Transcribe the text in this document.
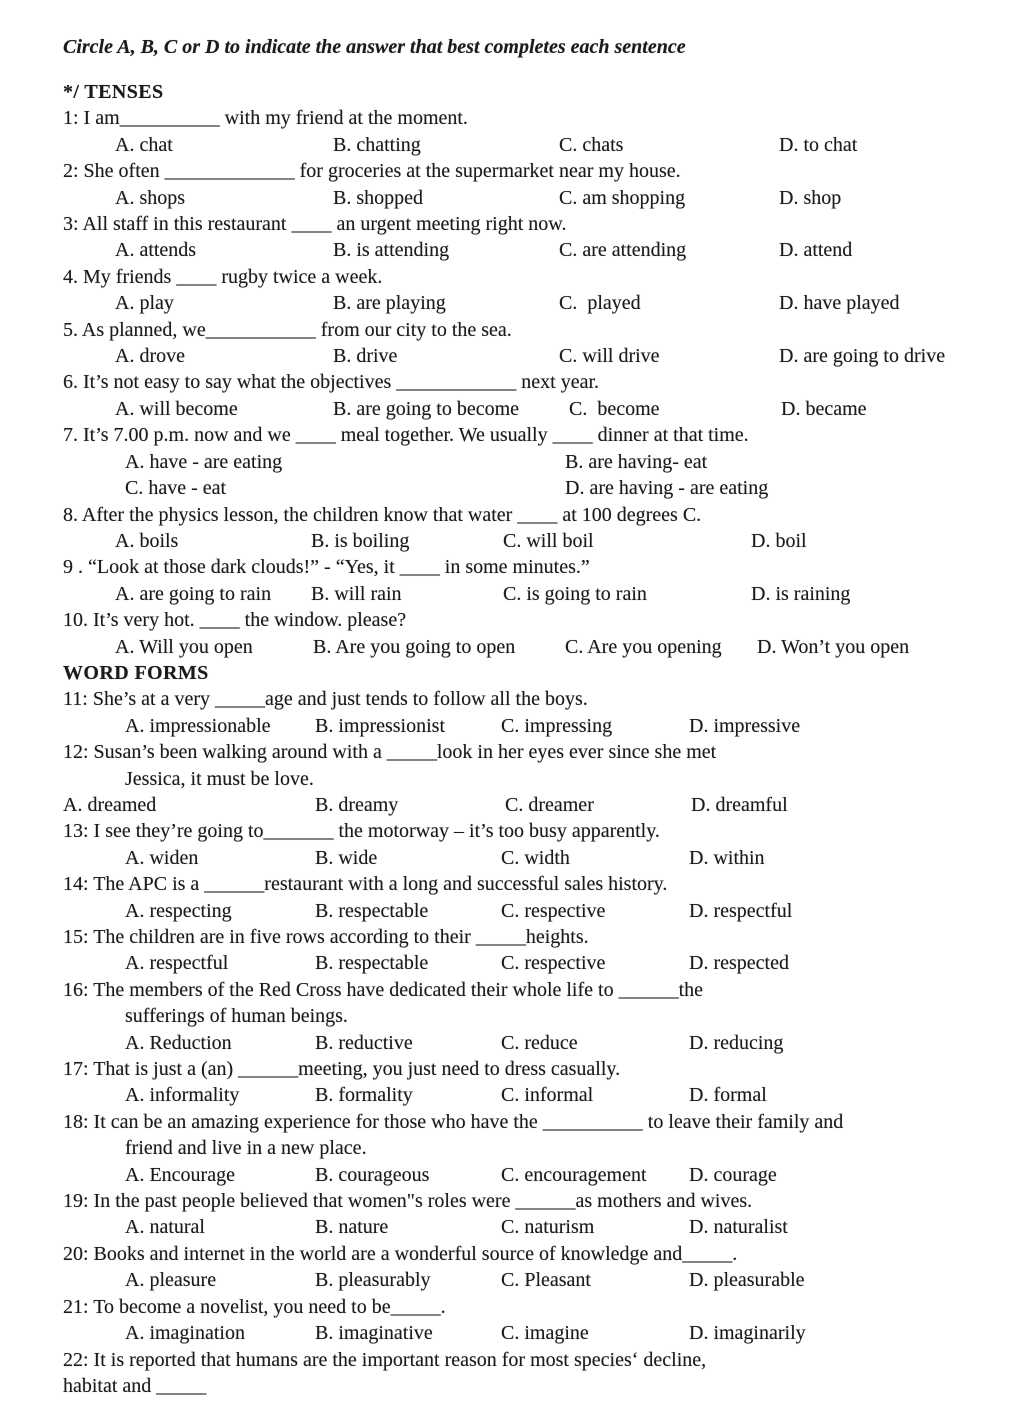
Circle A, B, C or D to indicate the answer that best completes each sentence
*/ TENSES
1: I am__________ with my friend at the moment.
A. chat	B. chatting	C. chats	D. to chat
2: She often _____________ for groceries at the supermarket near my house.
A. shops	B. shopped	C. am shopping	D. shop
3: All staff in this restaurant ____ an urgent meeting right now.
A. attends	B. is attending	C. are attending	D. attend
4. My friends ____ rugby twice a week.
A. play	B. are playing	C.  played	D. have played
5. As planned, we___________ from our city to the sea.
A. drove	B. drive	C. will drive	D. are going to drive
6. It’s not easy to say what the objectives ____________ next year.
A. will become	B. are going to become	C.  become	D. became
7. It’s 7.00 p.m. now and we ____ meal together. We usually ____ dinner at that time.
A. have - are eating	B. are having- eat
C. have - eat	D. are having - are eating
8. After the physics lesson, the children know that water ____ at 100 degrees C.
A. boils	B. is boiling	C. will boil	D. boil
9 . “Look at those dark clouds!” - “Yes, it ____ in some minutes.”
A. are going to rain	B. will rain	C. is going to rain	D. is raining
10. It’s very hot. ____ the window. please?
A. Will you open	B. Are you going to open	C. Are you opening	D. Won’t you open
WORD FORMS
11: She’s at a very _____age and just tends to follow all the boys.
A. impressionable	B. impressionist	C. impressing	D. impressive
12: Susan’s been walking around with a _____look in her eyes ever since she met
Jessica, it must be love.
A. dreamed	B. dreamy	C. dreamer	D. dreamful
13: I see they’re going to_______ the motorway – it’s too busy apparently.
A. widen	B. wide	C. width	D. within
14: The APC is a ______restaurant with a long and successful sales history.
A. respecting	B. respectable	C. respective	D. respectful
15: The children are in five rows according to their _____heights.
A. respectful	B. respectable	C. respective	D. respected
16: The members of the Red Cross have dedicated their whole life to ______the
sufferings of human beings.
A. Reduction	B. reductive	C. reduce	D. reducing
17: That is just a (an) ______meeting, you just need to dress casually.
A. informality	B. formality	C. informal	D. formal
18: It can be an amazing experience for those who have the __________ to leave their family and
friend and live in a new place.
A. Encourage	B. courageous	C. encouragement	D. courage
19: In the past people believed that women"s roles were ______as mothers and wives.
A. natural	B. nature	C. naturism	D. naturalist
20: Books and internet in the world are a wonderful source of knowledge and_____.
A. pleasure	B. pleasurably	C. Pleasant	D. pleasurable
21: To become a novelist, you need to be_____.
A. imagination	B. imaginative	C. imagine	D. imaginarily
22: It is reported that humans are the important reason for most species‘ decline,
habitat and _____
